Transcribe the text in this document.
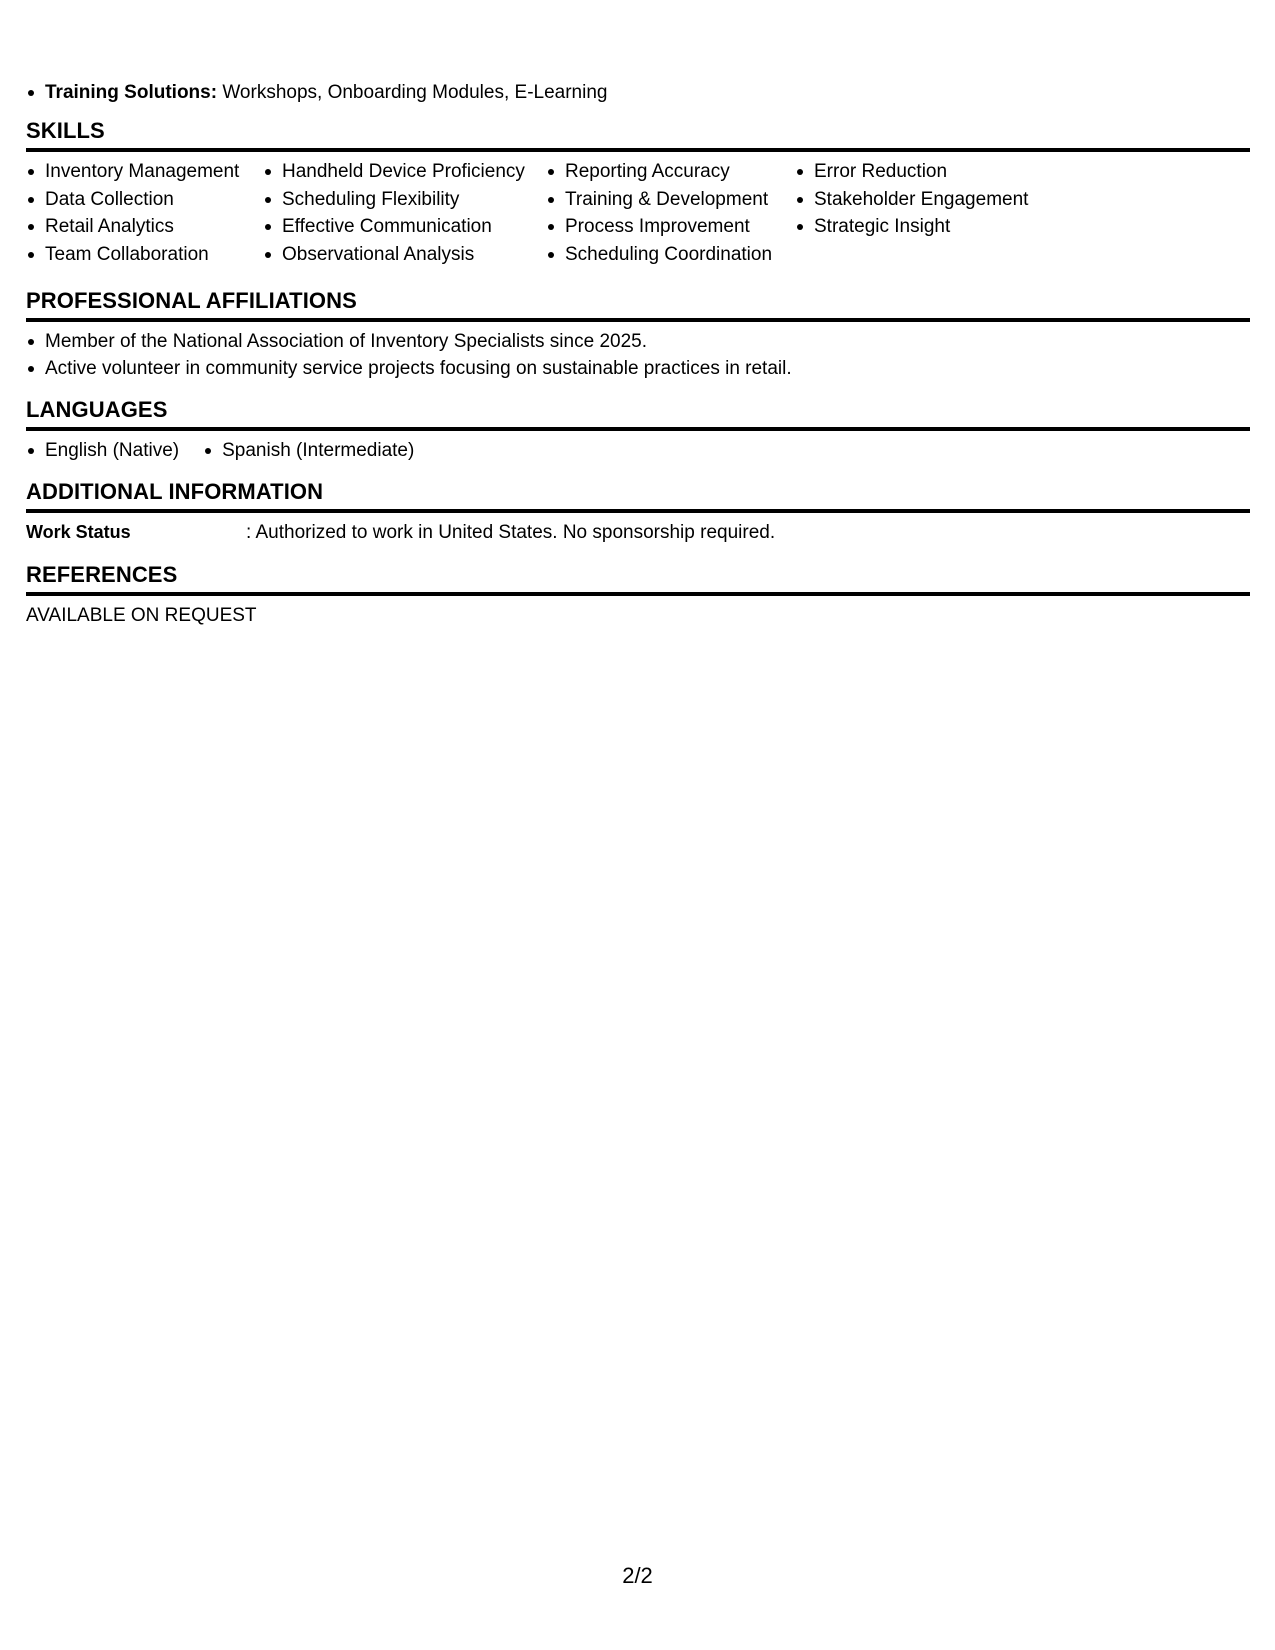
Training Solutions: Workshops, Onboarding Modules, E-Learning
SKILLS
Inventory Management
Data Collection
Retail Analytics
Team Collaboration
Handheld Device Proficiency
Scheduling Flexibility
Effective Communication
Observational Analysis
Reporting Accuracy
Training & Development
Process Improvement
Scheduling Coordination
Error Reduction
Stakeholder Engagement
Strategic Insight
PROFESSIONAL AFFILIATIONS
Member of the National Association of Inventory Specialists since 2025.
Active volunteer in community service projects focusing on sustainable practices in retail.
LANGUAGES
English (Native)	Spanish (Intermediate)
ADDITIONAL INFORMATION
Work Status	: Authorized to work in United States. No sponsorship required.
REFERENCES
AVAILABLE ON REQUEST
2/2
